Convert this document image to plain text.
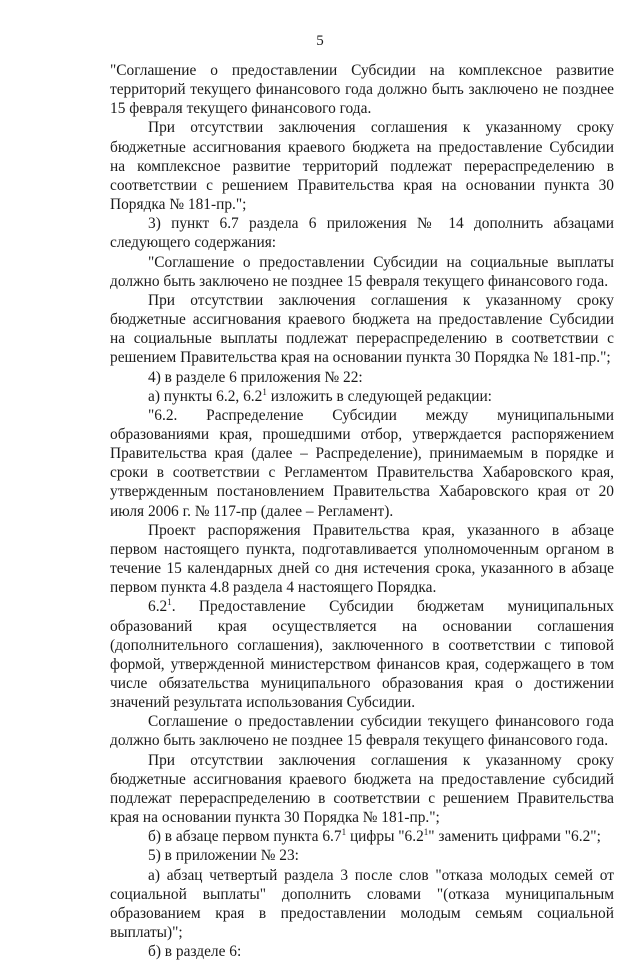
5

"Соглашение о предоставлении Субсидии на комплексное развитие территорий текущего финансового года должно быть заключено не позднее 15 февраля текущего финансового года.

При отсутствии заключения соглашения к указанному сроку бюджетные ассигнования краевого бюджета на предоставление Субсидии на комплексное развитие территорий подлежат перераспределению в соответствии с решением Правительства края на основании пункта 30 Порядка № 181-пр.";

3) пункт 6.7 раздела 6 приложения № 14 дополнить абзацами следующего содержания:

"Соглашение о предоставлении Субсидии на социальные выплаты должно быть заключено не позднее 15 февраля текущего финансового года.

При отсутствии заключения соглашения к указанному сроку бюджетные ассигнования краевого бюджета на предоставление Субсидии на социальные выплаты подлежат перераспределению в соответствии с решением Правительства края на основании пункта 30 Порядка № 181-пр.";

4) в разделе 6 приложения № 22:

а) пункты 6.2, $6.2^1$ изложить в следующей редакции:

"6.2. Распределение Субсидии между муниципальными образованиями края, прошедшими отбор, утверждается распоряжением Правительства края (далее – Распределение), принимаемым в порядке и сроки в соответствии с Регламентом Правительства Хабаровского края, утвержденным постановлением Правительства Хабаровского края от 20 июля 2006 г. № 117-пр (далее – Регламент).

Проект распоряжения Правительства края, указанного в абзаце первом настоящего пункта, подготавливается уполномоченным органом в течение 15 календарных дней со дня истечения срока, указанного в абзаце первом пункта 4.8 раздела 4 настоящего Порядка.

$6.2^1$. Предоставление Субсидии бюджетам муниципальных образований края осуществляется на основании соглашения (дополнительного соглашения), заключенного в соответствии с типовой формой, утвержденной министерством финансов края, содержащего в том числе обязательства муниципального образования края о достижении значений результата использования Субсидии.

Соглашение о предоставлении субсидии текущего финансового года должно быть заключено не позднее 15 февраля текущего финансового года.

При отсутствии заключения соглашения к указанному сроку бюджетные ассигнования краевого бюджета на предоставление субсидий подлежат перераспределению в соответствии с решением Правительства края на основании пункта 30 Порядка № 181-пр.";

б) в абзаце первом пункта $6.7^1$ цифры "$6.2^1$" заменить цифрами "6.2";

5) в приложении № 23:

а) абзац четвертый раздела 3 после слов "отказа молодых семей от социальной выплаты" дополнить словами "(отказа муниципальным образованием края в предоставлении молодым семьям социальной выплаты)";

б) в разделе 6:
